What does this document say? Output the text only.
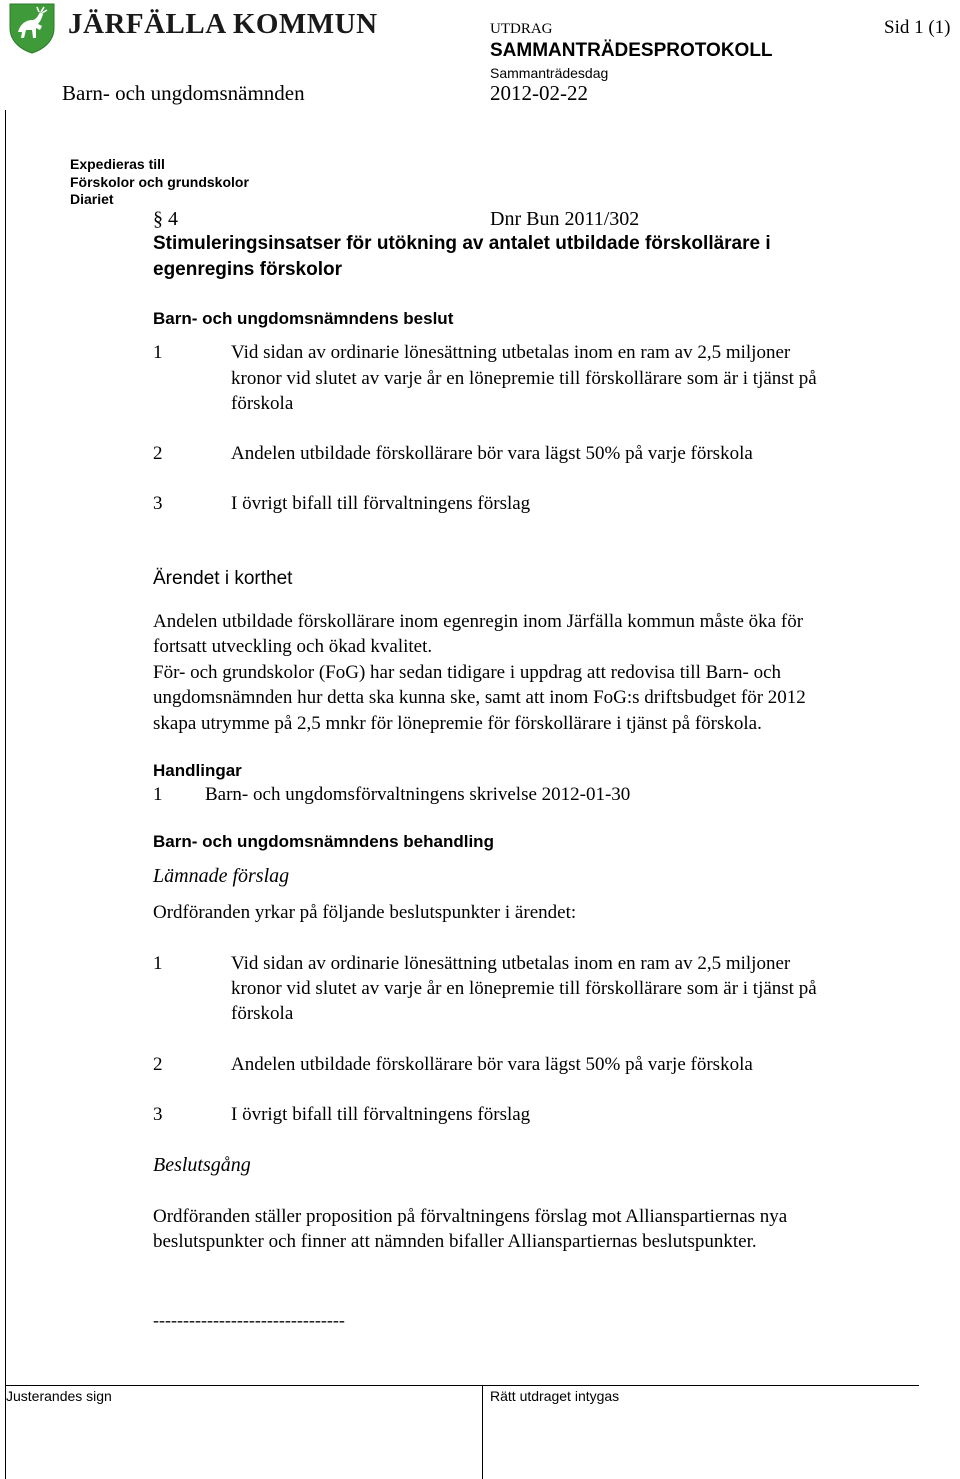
JÄRFÄLLA KOMMUN	UTDRAG
SAMMANTRÄDESPROTOKOLL
Sammanträdesdag
Sid 1 (1)
Barn- och ungdomsnämnden	2012-02-22
Expedieras till
Förskolor och grundskolor
Diariet
§ 4	Dnr Bun 2011/302
Stimuleringsinsatser för utökning av antalet utbildade förskollärare i
egenregins förskolor
Barn- och ungdomsnämndens beslut
1	Vid sidan av ordinarie lönesättning utbetalas inom en ram av 2,5 miljoner
kronor vid slutet av varje år en lönepremie till förskollärare som är i tjänst på
förskola
2	Andelen utbildade förskollärare bör vara lägst 50% på varje förskola
3	I övrigt bifall till förvaltningens förslag
Ärendet i korthet
Andelen utbildade förskollärare inom egenregin inom Järfälla kommun måste öka för
fortsatt utveckling och ökad kvalitet.
För- och grundskolor (FoG) har sedan tidigare i uppdrag att redovisa till Barn- och
ungdomsnämnden hur detta ska kunna ske, samt att inom FoG:s driftsbudget för 2012
skapa utrymme på 2,5 mnkr för lönepremie för förskollärare i tjänst på förskola.
Handlingar
1 Barn- och ungdomsförvaltningens skrivelse 2012-01-30
Barn- och ungdomsnämndens behandling
Lämnade förslag
Ordföranden yrkar på följande beslutspunkter i ärendet:
1	Vid sidan av ordinarie lönesättning utbetalas inom en ram av 2,5 miljoner
kronor vid slutet av varje år en lönepremie till förskollärare som är i tjänst på
förskola
2	Andelen utbildade förskollärare bör vara lägst 50% på varje förskola
3	I övrigt bifall till förvaltningens förslag
Beslutsgång
Ordföranden ställer proposition på förvaltningens förslag mot Allianspartiernas nya
beslutspunkter och finner att nämnden bifaller Allianspartiernas beslutspunkter.
--------------------------------
Justerandes sign	Rätt utdraget intygas
